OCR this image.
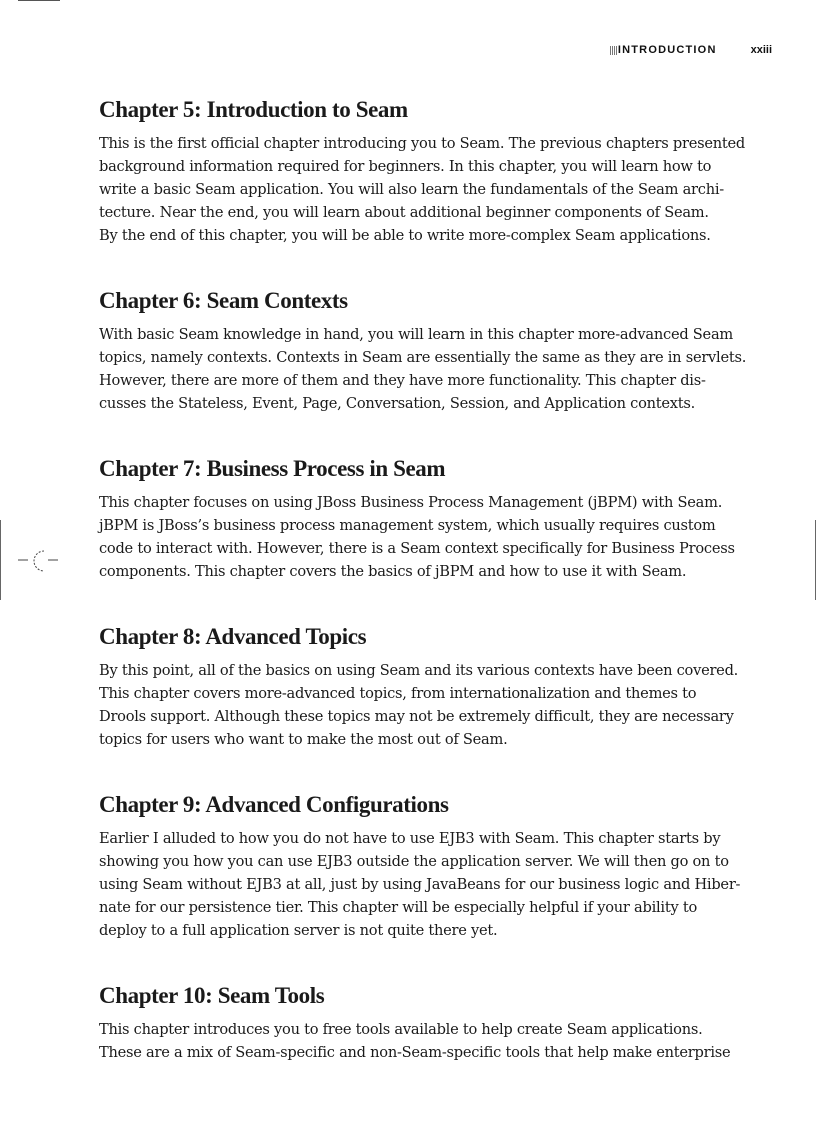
INTRODUCTION	xxiii
Chapter 5: Introduction to Seam

This is the first official chapter introducing you to Seam. The previous chapters presented
background information required for beginners. In this chapter, you will learn how to
write a basic Seam application. You will also learn the fundamentals of the Seam archi-
tecture. Near the end, you will learn about additional beginner components of Seam.
By the end of this chapter, you will be able to write more-complex Seam applications.

Chapter 6: Seam Contexts

With basic Seam knowledge in hand, you will learn in this chapter more-advanced Seam
topics, namely contexts. Contexts in Seam are essentially the same as they are in servlets.
However, there are more of them and they have more functionality. This chapter dis-
cusses the Stateless, Event, Page, Conversation, Session, and Application contexts.

Chapter 7: Business Process in Seam

This chapter focuses on using JBoss Business Process Management (jBPM) with Seam.
jBPM is JBoss’s business process management system, which usually requires custom
code to interact with. However, there is a Seam context specifically for Business Process
components. This chapter covers the basics of jBPM and how to use it with Seam.

Chapter 8: Advanced Topics

By this point, all of the basics on using Seam and its various contexts have been covered.
This chapter covers more-advanced topics, from internationalization and themes to
Drools support. Although these topics may not be extremely difficult, they are necessary
topics for users who want to make the most out of Seam.

Chapter 9: Advanced Configurations

Earlier I alluded to how you do not have to use EJB3 with Seam. This chapter starts by
showing you how you can use EJB3 outside the application server. We will then go on to
using Seam without EJB3 at all, just by using JavaBeans for our business logic and Hiber-
nate for our persistence tier. This chapter will be especially helpful if your ability to
deploy to a full application server is not quite there yet.

Chapter 10: Seam Tools

This chapter introduces you to free tools available to help create Seam applications.
These are a mix of Seam-specific and non-Seam-specific tools that help make enterprise
